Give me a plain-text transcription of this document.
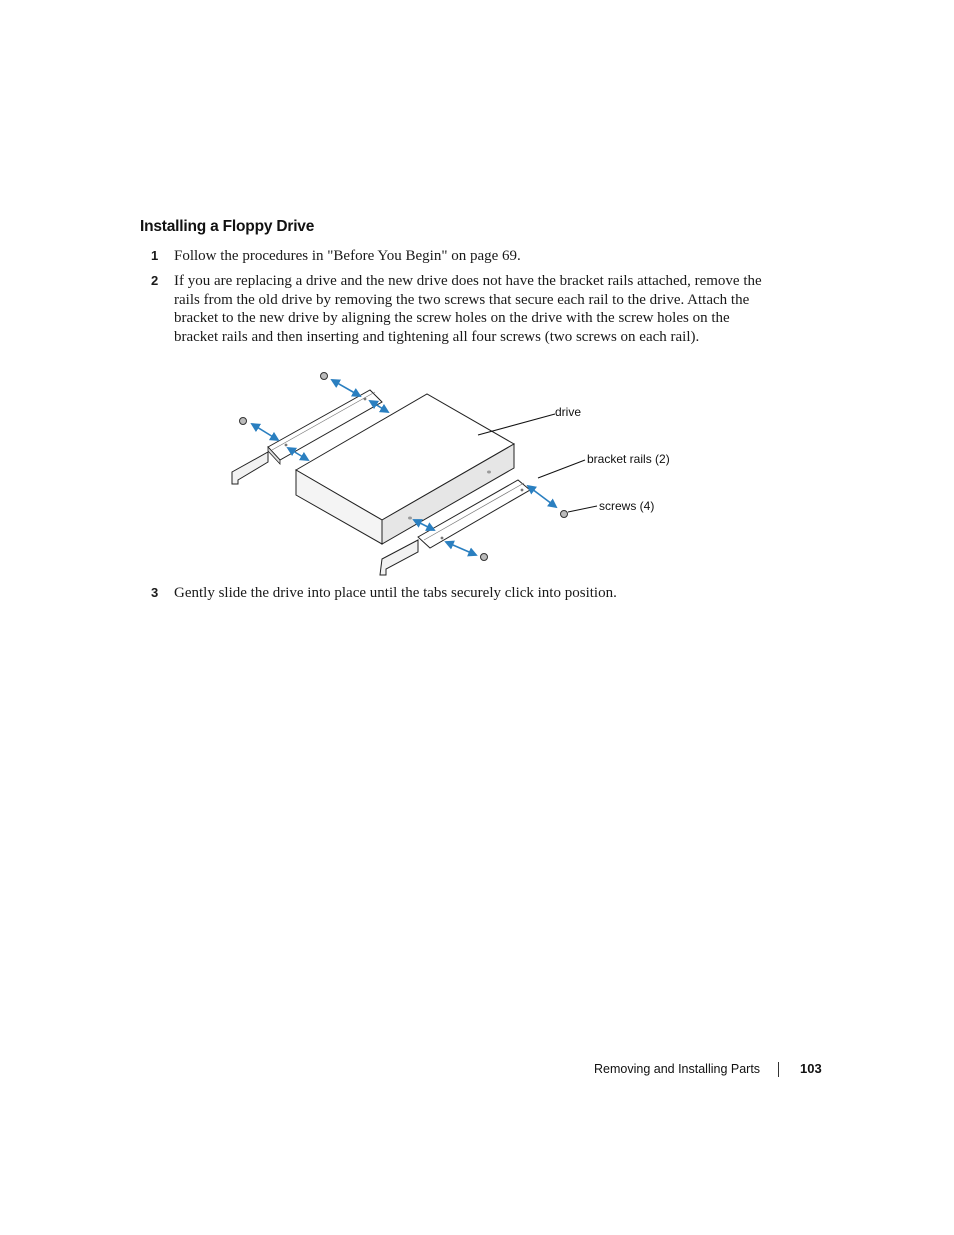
Installing a Floppy Drive
1 Follow the procedures in "Before You Begin" on page 69.
2 If you are replacing a drive and the new drive does not have the bracket rails attached, remove the rails from the old drive by removing the two screws that secure each rail to the drive. Attach the bracket to the new drive by aligning the screw holes on the drive with the screw holes on the bracket rails and then inserting and tightening all four screws (two screws on each rail).
drive
bracket rails (2)
screws (4)
3 Gently slide the drive into place until the tabs securely click into position.
Removing and Installing Parts	103
